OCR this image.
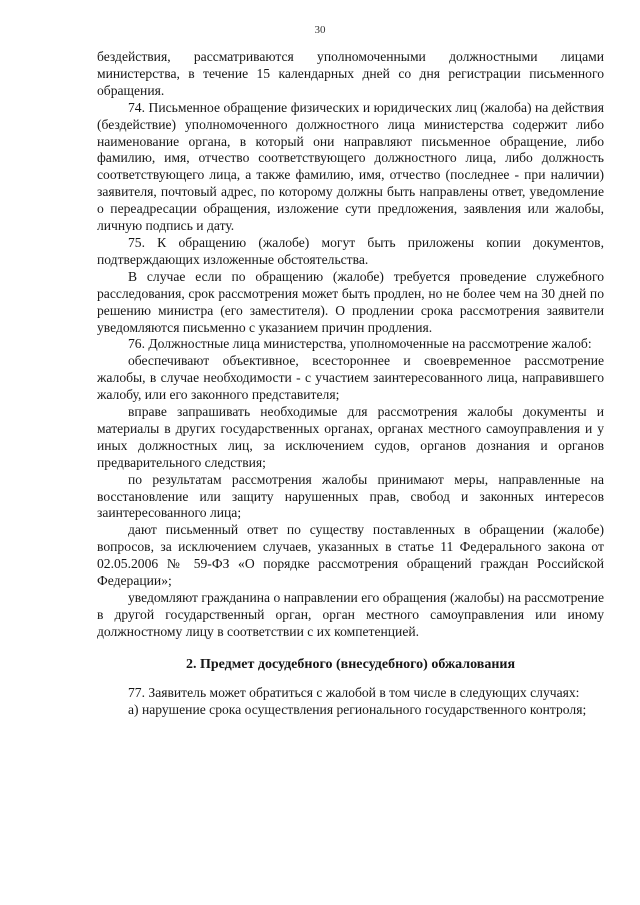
30

бездействия, рассматриваются уполномоченными должностными лицами министерства, в течение 15 календарных дней со дня регистрации письменного обращения.

74. Письменное обращение физических и юридических лиц (жалоба) на действия (бездействие) уполномоченного должностного лица министерства содержит либо наименование органа, в который они направляют письменное обращение, либо фамилию, имя, отчество соответствующего должностного лица, либо должность соответствующего лица, а также фамилию, имя, отчество (последнее - при наличии) заявителя, почтовый адрес, по которому должны быть направлены ответ, уведомление о переадресации обращения, изложение сути предложения, заявления или жалобы, личную подпись и дату.

75. К обращению (жалобе) могут быть приложены копии документов, подтверждающих изложенные обстоятельства.

В случае если по обращению (жалобе) требуется проведение служебного расследования, срок рассмотрения может быть продлен, но не более чем на 30 дней по решению министра (его заместителя). О продлении срока рассмотрения заявители уведомляются письменно с указанием причин продления.

76. Должностные лица министерства, уполномоченные на рассмотрение жалоб:

обеспечивают объективное, всестороннее и своевременное рассмотрение жалобы, в случае необходимости - с участием заинтересованного лица, направившего жалобу, или его законного представителя;

вправе запрашивать необходимые для рассмотрения жалобы документы и материалы в других государственных органах, органах местного самоуправления и у иных должностных лиц, за исключением судов, органов дознания и органов предварительного следствия;

по результатам рассмотрения жалобы принимают меры, направленные на восстановление или защиту нарушенных прав, свобод и законных интересов заинтересованного лица;

дают письменный ответ по существу поставленных в обращении (жалобе) вопросов, за исключением случаев, указанных в статье 11 Федерального закона от 02.05.2006 № 59-ФЗ «О порядке рассмотрения обращений граждан Российской Федерации»;

уведомляют гражданина о направлении его обращения (жалобы) на рассмотрение в другой государственный орган, орган местного самоуправления или иному должностному лицу в соответствии с их компетенцией.

2. Предмет досудебного (внесудебного) обжалования

77. Заявитель может обратиться с жалобой в том числе в следующих случаях:

а) нарушение срока осуществления регионального государственного контроля;
